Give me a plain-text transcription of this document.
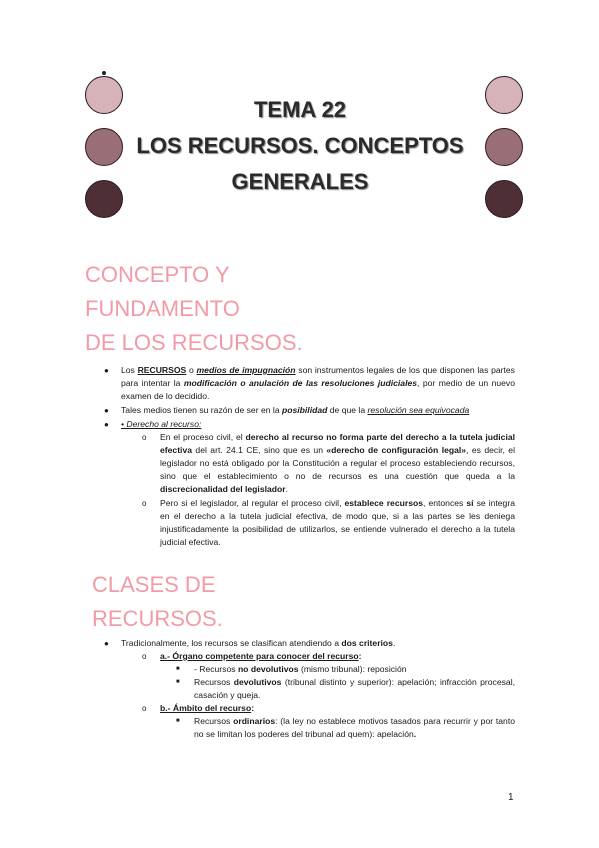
TEMA 22
LOS RECURSOS. CONCEPTOS
GENERALES
CONCEPTO Y
FUNDAMENTO
DE LOS RECURSOS.
● Los RECURSOS o medios de impugnación son instrumentos legales de los que disponen las partes para intentar la modificación o anulación de las resoluciones judiciales, por medio de un nuevo examen de lo decidido.
● Tales medios tienen su razón de ser en la posibilidad de que la resolución sea equivocada
● • Derecho al recurso:
o En el proceso civil, el derecho al recurso no forma parte del derecho a la tutela judicial efectiva del art. 24.1 CE, sino que es un «derecho de configuración legal», es decir, el legislador no está obligado por la Constitución a regular el proceso estableciendo recursos, sino que el establecimiento o no de recursos es una cuestión que queda a la discrecionalidad del legislador.
o Pero si el legislador, al regular el proceso civil, establece recursos, entonces sí se integra en el derecho a la tutela judicial efectiva, de modo que, si a las partes se les deniega injustificadamente la posibilidad de utilizarlos, se entiende vulnerado el derecho a la tutela judicial efectiva.
CLASES DE
RECURSOS.
● Tradicionalmente, los recursos se clasifican atendiendo a dos criterios.
o a.- Órgano competente para conocer del recurso:
■ - Recursos no devolutivos (mismo tribunal): reposición
■ Recursos devolutivos (tribunal distinto y superior): apelación; infracción procesal, casación y queja.
o b.- Ámbito del recurso:
■ Recursos ordinarios: (la ley no establece motivos tasados para recurrir y por tanto no se limitan los poderes del tribunal ad quem): apelación.
1
